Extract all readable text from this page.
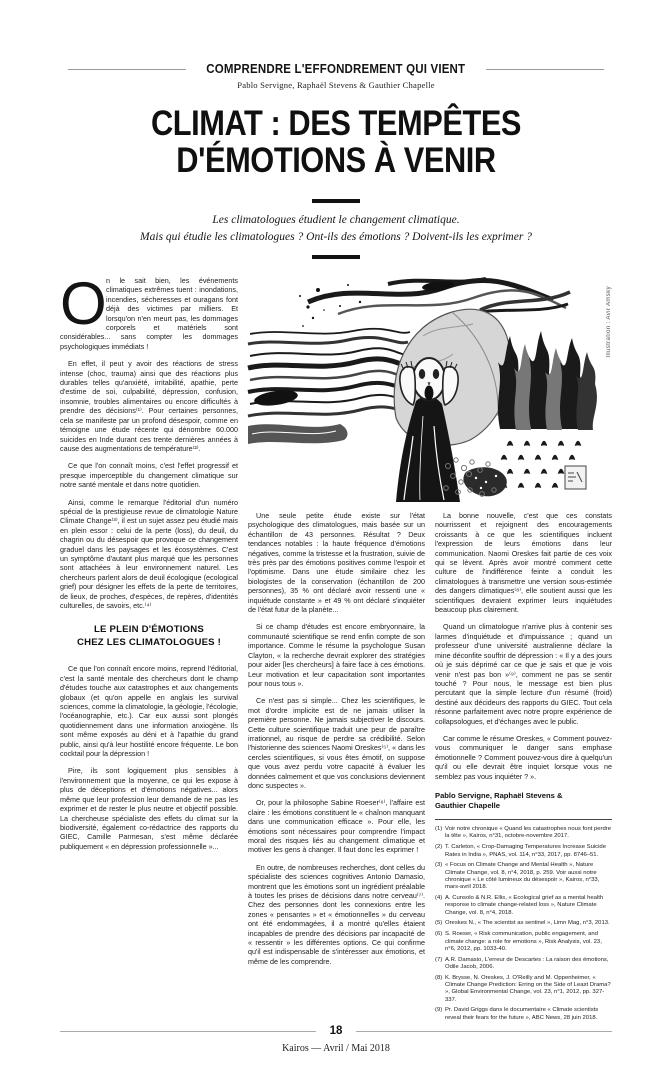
COMPRENDRE L'EFFONDREMENT QUI VIENT
Pablo Servigne, Raphaël Stevens & Gauthier Chapelle
CLIMAT : DES TEMPÊTES
D'ÉMOTIONS À VENIR

Les climatologues étudient le changement climatique.
Mais qui étudie les climatologues ? Ont-ils des émotions ? Doivent-ils les exprimer ?

On le sait bien, les événements climatiques extrêmes tuent : inondations, incendies, sécheresses et ouragans font déjà des victimes par milliers. Et lorsqu'on n'en meurt pas, les dommages corporels et matériels sont considérables... sans compter les dommages psychologiques immédiats !

En effet, il peut y avoir des réactions de stress intense (choc, trauma) ainsi que des réactions plus durables telles qu'anxiété, irritabilité, apathie, perte d'estime de soi, culpabilité, dépression, confusion, insomnie, troubles alimentaires ou encore difficultés à prendre des décisions⁽¹⁾. Pour certaines personnes, cela se manifeste par un profond désespoir, comme en témoigne une étude récente qui dénombre 60.000 suicides en Inde durant ces trente dernières années à cause des augmentations de température⁽²⁾.

Ce que l'on connaît moins, c'est l'effet progressif et presque imperceptible du changement climatique sur notre santé mentale et dans notre quotidien.

Ainsi, comme le remarque l'éditorial d'un numéro spécial de la prestigieuse revue de climatologie Nature Climate Change⁽³⁾, il est un sujet assez peu étudié mais en plein essor : celui de la perte (loss), du deuil, du chagrin ou du désespoir que provoque ce changement graduel dans les paysages et les écosystèmes. C'est un symptôme d'autant plus marqué que les personnes sont attachées à leur environnement naturel. Les chercheurs parlent alors de deuil écologique (ecological grief) pour désigner les effets de la perte de territoires, de lieux, de proches, d'espèces, de repères, d'identités culturelles, de savoirs, etc.⁽⁴⁾

LE PLEIN D'ÉMOTIONS
CHEZ LES CLIMATOLOGUES !

Ce que l'on connaît encore moins, reprend l'éditorial, c'est la santé mentale des chercheurs dont le champ d'études touche aux catastrophes et aux changements globaux (et qu'on appelle en anglais les survival sciences, comme la climatologie, la géologie, l'écologie, l'océanographie, etc.). Car eux aussi sont plongés quotidiennement dans une information anxiogène. Ils sont même exposés au déni et à l'apathie du grand public, ainsi qu'à leur hostilité encore fréquente. Le bon cocktail pour la dépression !

Pire, ils sont logiquement plus sensibles à l'environnement que la moyenne, ce qui les expose à plus de déceptions et d'émotions négatives... alors même que leur profession leur demande de ne pas les exprimer et de rester le plus neutre et objectif possible. La chercheuse spécialiste des effets du climat sur la biodiversité, également co-rédactrice des rapports du GIEC, Camille Parmesan, s'est même déclarée publiquement « en dépression professionnelle »...

Illustration : Avir Amsky

Une seule petite étude existe sur l'état psychologique des climatologues, mais basée sur un échantillon de 43 personnes. Résultat ? Deux tendances notables : la haute fréquence d'émotions négatives, comme la tristesse et la frustration, suivie de très près par des émotions positives comme l'espoir et l'optimisme. Dans une étude similaire chez les biologistes de la conservation (échantillon de 200 personnes), 35 % ont déclaré avoir ressenti une « inquiétude constante » et 49 % ont déclaré s'inquiéter de l'état futur de la planète...

Si ce champ d'études est encore embryonnaire, la communauté scientifique se rend enfin compte de son importance. Comme le résume la psychologue Susan Clayton, « la recherche devrait explorer des stratégies pour aider [les chercheurs] à faire face à ces émotions. Leur motivation et leur capacitation sont importantes pour nous tous ».

Ce n'est pas si simple... Chez les scientifiques, le mot d'ordre implicite est de ne jamais utiliser la première personne. Ne jamais subjectiver le discours. Cette culture scientifique traduit une peur de paraître irrationnel, au risque de perdre sa crédibilité. Selon l'historienne des sciences Naomi Oreskes⁽⁵⁾, « dans les cercles scientifiques, si vous êtes émotif, on suppose que vous avez perdu votre capacité à évaluer les données calmement et que vos conclusions deviennent donc suspectes ».

Or, pour la philosophe Sabine Roeser⁽⁶⁾, l'affaire est claire : les émotions constituent le « chaînon manquant dans une communication efficace ». Pour elle, les émotions sont nécessaires pour comprendre l'impact moral des risques liés au changement climatique et motiver les gens à changer. Il faut donc les exprimer !

En outre, de nombreuses recherches, dont celles du spécialiste des sciences cognitives Antonio Damasio, montrent que les émotions sont un ingrédient préalable à toutes les prises de décisions dans notre cerveau⁽⁷⁾. Chez des personnes dont les connexions entre les zones « pensantes » et « émotionnelles » du cerveau ont été endommagées, il a montré qu'elles étaient incapables de prendre des décisions par incapacité de « ressentir » les différentes options. Ce qui confirme qu'il est indispensable de s'intéresser aux émotions, et même de les comprendre.

La bonne nouvelle, c'est que ces constats nourrissent et rejoignent des encouragements croissants à ce que les scientifiques incluent l'expression de leurs émotions dans leur communication. Naomi Oreskes fait partie de ces voix qui se lèvent. Après avoir montré comment cette culture de l'indifférence feinte a conduit les climatologues à transmettre une version sous-estimée des dangers climatiques⁽⁸⁾, elle soutient aussi que les scientifiques devraient exprimer leurs inquiétudes beaucoup plus clairement.

Quand un climatologue n'arrive plus à contenir ses larmes d'inquiétude et d'impuissance ; quand un professeur d'une université australienne déclare la mine déconfite souffrir de dépression : « Il y a des jours où je suis déprimé car ce que je sais et que je vois venir n'est pas bon »⁽⁹⁾, comment ne pas se sentir touché ? Pour nous, le message est bien plus percutant que la simple lecture d'un résumé (froid) destiné aux décideurs des rapports du GIEC. Tout cela résonne parfaitement avec notre propre expérience de collapsologues, et d'échanges avec le public.

Car comme le résume Oreskes, « Comment pouvez-vous communiquer le danger sans emphase émotionnelle ? Comment pouvez-vous dire à quelqu'un qu'il ou elle devrait être inquiet lorsque vous ne semblez pas vous inquiéter ? ».

Pablo Servigne, Raphaël Stevens &
Gauthier Chapelle

(1) Voir notre chronique « Quand les catastrophes nous font perdre la tête », Kairos, n°31, octobre-novembre 2017.
(2) T. Carleton, « Crop-Damaging Temperatures Increase Suicide Rates in India », PNAS, vol. 114, n°33, 2017, pp. 8746–51.
(3) « Focus on Climate Change and Mental Health », Nature Climate Change, vol. 8, n°4, 2018, p. 259. Voir aussi notre chronique « Le côté lumineux du désespoir », Kairos, n°33, mars-avril 2018.
(4) A. Cunsolo & N.R. Ellis, « Ecological grief as a mental health response to climate change-related loss », Nature Climate Change, vol. 8, n°4, 2018.
(5) Oreskes N., « The scientist as sentinel », Limn Mag, n°3, 2013.
(6) S. Roeser, « Risk communication, public engagement, and climate change: a role for emotions », Risk Analysis, vol. 23, n°6, 2012, pp. 1033-40.
(7) A.R. Damasio, L'erreur de Descartes : La raison des émotions, Odile Jacob, 2006.
(8) K. Brysse, N. Oreskes, J. O'Reilly and M. Oppenheimer, « Climate Change Prediction: Erring on the Side of Least Drama? », Global Environmental Change, vol. 23, n°1, 2012, pp. 327-337.
(9) Pr. David Griggs dans le documentaire « Climate scientists reveal their fears for the future », ABC News, 28 juin 2018.
18
Kairos — Avril / Mai 2018
